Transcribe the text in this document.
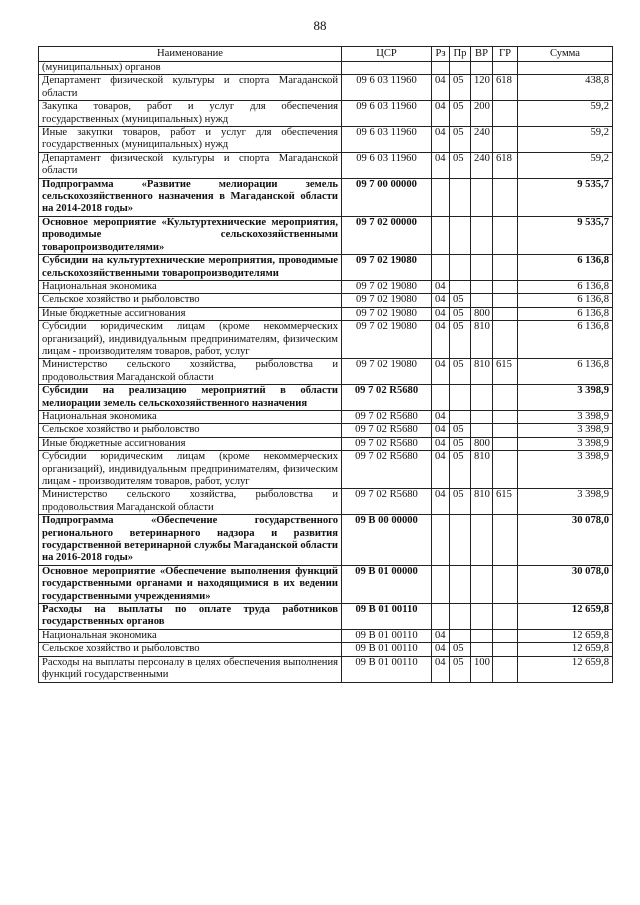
88
Наименование	ЦСР	Рз	Пр	ВР	ГР	Сумма
(муниципальных) органов						
Департамент физической культуры и спорта Магаданской области	09 6 03 11960	04	05	120	618	438,8
Закупка товаров, работ и услуг для обеспечения государственных (муниципальных) нужд	09 6 03 11960	04	05	200		59,2
Иные закупки товаров, работ и услуг для обеспечения государственных (муниципальных) нужд	09 6 03 11960	04	05	240		59,2
Департамент физической культуры и спорта Магаданской области	09 6 03 11960	04	05	240	618	59,2
Подпрограмма «Развитие мелиорации земель сельскохозяйственного назначения в Магаданской области на 2014-2018 годы»	09 7 00 00000					9 535,7
Основное мероприятие «Культуртехнические мероприятия, проводимые сельскохозяйственными товаропроизводителями»	09 7 02 00000					9 535,7
Субсидии на культуртехнические мероприятия, проводимые сельскохозяйственными товаропроизводителями	09 7 02 19080					6 136,8
Национальная экономика	09 7 02 19080	04				6 136,8
Сельское хозяйство и рыболовство	09 7 02 19080	04	05			6 136,8
Иные бюджетные ассигнования	09 7 02 19080	04	05	800		6 136,8
Субсидии юридическим лицам (кроме некоммерческих организаций), индивидуальным предпринимателям, физическим лицам - производителям товаров, работ, услуг	09 7 02 19080	04	05	810		6 136,8
Министерство сельского хозяйства, рыболовства и продовольствия Магаданской области	09 7 02 19080	04	05	810	615	6 136,8
Субсидии на реализацию мероприятий в области мелиорации земель сельскохозяйственного назначения	09 7 02 R5680					3 398,9
Национальная экономика	09 7 02 R5680	04				3 398,9
Сельское хозяйство и рыболовство	09 7 02 R5680	04	05			3 398,9
Иные бюджетные ассигнования	09 7 02 R5680	04	05	800		3 398,9
Субсидии юридическим лицам (кроме некоммерческих организаций), индивидуальным предпринимателям, физическим лицам - производителям товаров, работ, услуг	09 7 02 R5680	04	05	810		3 398,9
Министерство сельского хозяйства, рыболовства и продовольствия Магаданской области	09 7 02 R5680	04	05	810	615	3 398,9
Подпрограмма «Обеспечение государственного регионального ветеринарного надзора и развития государственной ветеринарной службы Магаданской области на 2016-2018 годы»	09 В 00 00000					30 078,0
Основное мероприятие «Обеспечение выполнения функций государственными органами и находящимися в их ведении государственными учреждениями»	09 В 01 00000					30 078,0
Расходы на выплаты по оплате труда работников государственных органов	09 В 01 00110					12 659,8
Национальная экономика	09 В 01 00110	04				12 659,8
Сельское хозяйство и рыболовство	09 В 01 00110	04	05			12 659,8
Расходы на выплаты персоналу в целях обеспечения выполнения функций государственными	09 В 01 00110	04	05	100		12 659,8
